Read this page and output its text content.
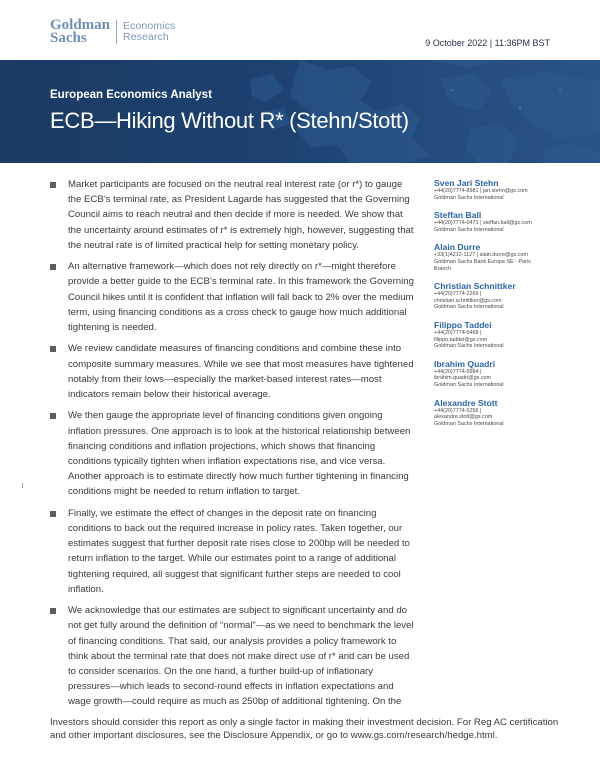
Goldman
Sachs
Economics
Research	9 October 2022 | 11:36PM BST
European Economics Analyst
ECB—Hiking Without R* (Stehn/Stott)
Market participants are focused on the neutral real interest rate (or r*) to gauge the ECB’s terminal rate, as President Lagarde has suggested that the Governing Council aims to reach neutral and then decide if more is needed. We show that the uncertainty around estimates of r* is extremely high, however, suggesting that the neutral rate is of limited practical help for setting monetary policy.
An alternative framework—which does not rely directly on r*—might therefore provide a better guide to the ECB’s terminal rate. In this framework the Governing Council hikes until it is confident that inflation will fall back to 2% over the medium term, using financing conditions as a cross check to gauge how much additional tightening is needed.
We review candidate measures of financing conditions and combine these into composite summary measures. While we see that most measures have tightened notably from their lows—especially the market-based interest rates—most indicators remain below their historical average.
We then gauge the appropriate level of financing conditions given ongoing inflation pressures. One approach is to look at the historical relationship between financing conditions and inflation projections, which shows that financing conditions typically tighten when inflation expectations rise, and vice versa. Another approach is to estimate directly how much further tightening in financing conditions might be needed to return inflation to target.
Finally, we estimate the effect of changes in the deposit rate on financing conditions to back out the required increase in policy rates. Taken together, our estimates suggest that further deposit rate rises close to 200bp will be needed to return inflation to the target. While our estimates point to a range of additional tightening required, all suggest that significant further steps are needed to cool inflation.
We acknowledge that our estimates are subject to significant uncertainty and do not get fully around the definition of “normal”—as we need to benchmark the level of financing conditions. That said, our analysis provides a policy framework to think about the terminal rate that does not make direct use of r* and can be used to consider scenarios. On the one hand, a further build-up of inflationary pressures—which leads to second-round effects in inflation expectations and wage growth—could require as much as 250bp of additional tightening. On the
Sven Jari Stehn
+44(20)7774-8981 | jari.stehn@gs.com
Goldman Sachs International
Steffan Ball
+44(20)7774-0471 | steffan.ball@gs.com
Goldman Sachs International
Alain Durre
+33(1)4212-1127 | alain.durre@gs.com
Goldman Sachs Bank Europe SE - Paris
Branch
Christian Schnittker
+44(20)7774-2269 |
christian.schnittker@gs.com
Goldman Sachs International
Filippo Taddei
+44(20)7774-5468 |
filippo.taddei@gs.com
Goldman Sachs International
Ibrahim Quadri
+44(20)7774-5984 |
ibrahim.quadri@gs.com
Goldman Sachs International
Alexandre Stott
+44(20)7774-5256 |
alexandre.stott@gs.com
Goldman Sachs International
Investors should consider this report as only a single factor in making their investment decision. For Reg AC certification and other important disclosures, see the Disclosure Appendix, or go to www.gs.com/research/hedge.html.
